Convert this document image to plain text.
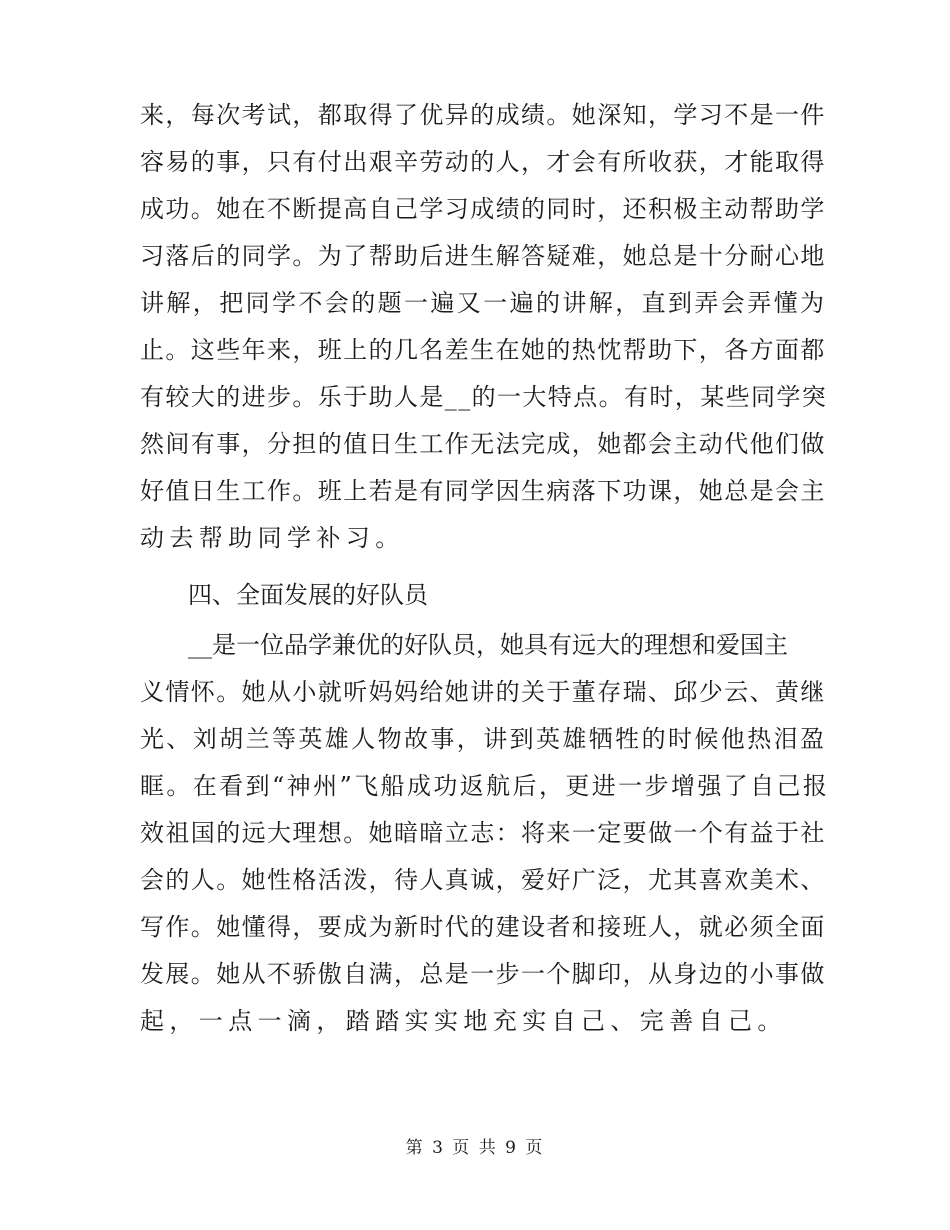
来，每次考试，都取得了优异的成绩。她深知，学习不是一件
容易的事，只有付出艰辛劳动的人，才会有所收获，才能取得
成功。她在不断提高自己学习成绩的同时，还积极主动帮助学
习落后的同学。为了帮助后进生解答疑难，她总是十分耐心地
讲解，把同学不会的题一遍又一遍的讲解，直到弄会弄懂为
止。这些年来，班上的几名差生在她的热忱帮助下，各方面都
有较大的进步。乐于助人是__的一大特点。有时，某些同学突
然间有事，分担的值日生工作无法完成，她都会主动代他们做
好值日生工作。班上若是有同学因生病落下功课，她总是会主
动去帮助同学补习。
四、全面发展的好队员
__是一位品学兼优的好队员，她具有远大的理想和爱国主
义情怀。她从小就听妈妈给她讲的关于董存瑞、邱少云、黄继
光、刘胡兰等英雄人物故事，讲到英雄牺牲的时候他热泪盈
眶。在看到“神州”飞船成功返航后，更进一步增强了自己报
效祖国的远大理想。她暗暗立志：将来一定要做一个有益于社
会的人。她性格活泼，待人真诚，爱好广泛，尤其喜欢美术、
写作。她懂得，要成为新时代的建设者和接班人，就必须全面
发展。她从不骄傲自满，总是一步一个脚印，从身边的小事做
起，一点一滴，踏踏实实地充实自己、完善自己。
第 3 页 共 9 页
